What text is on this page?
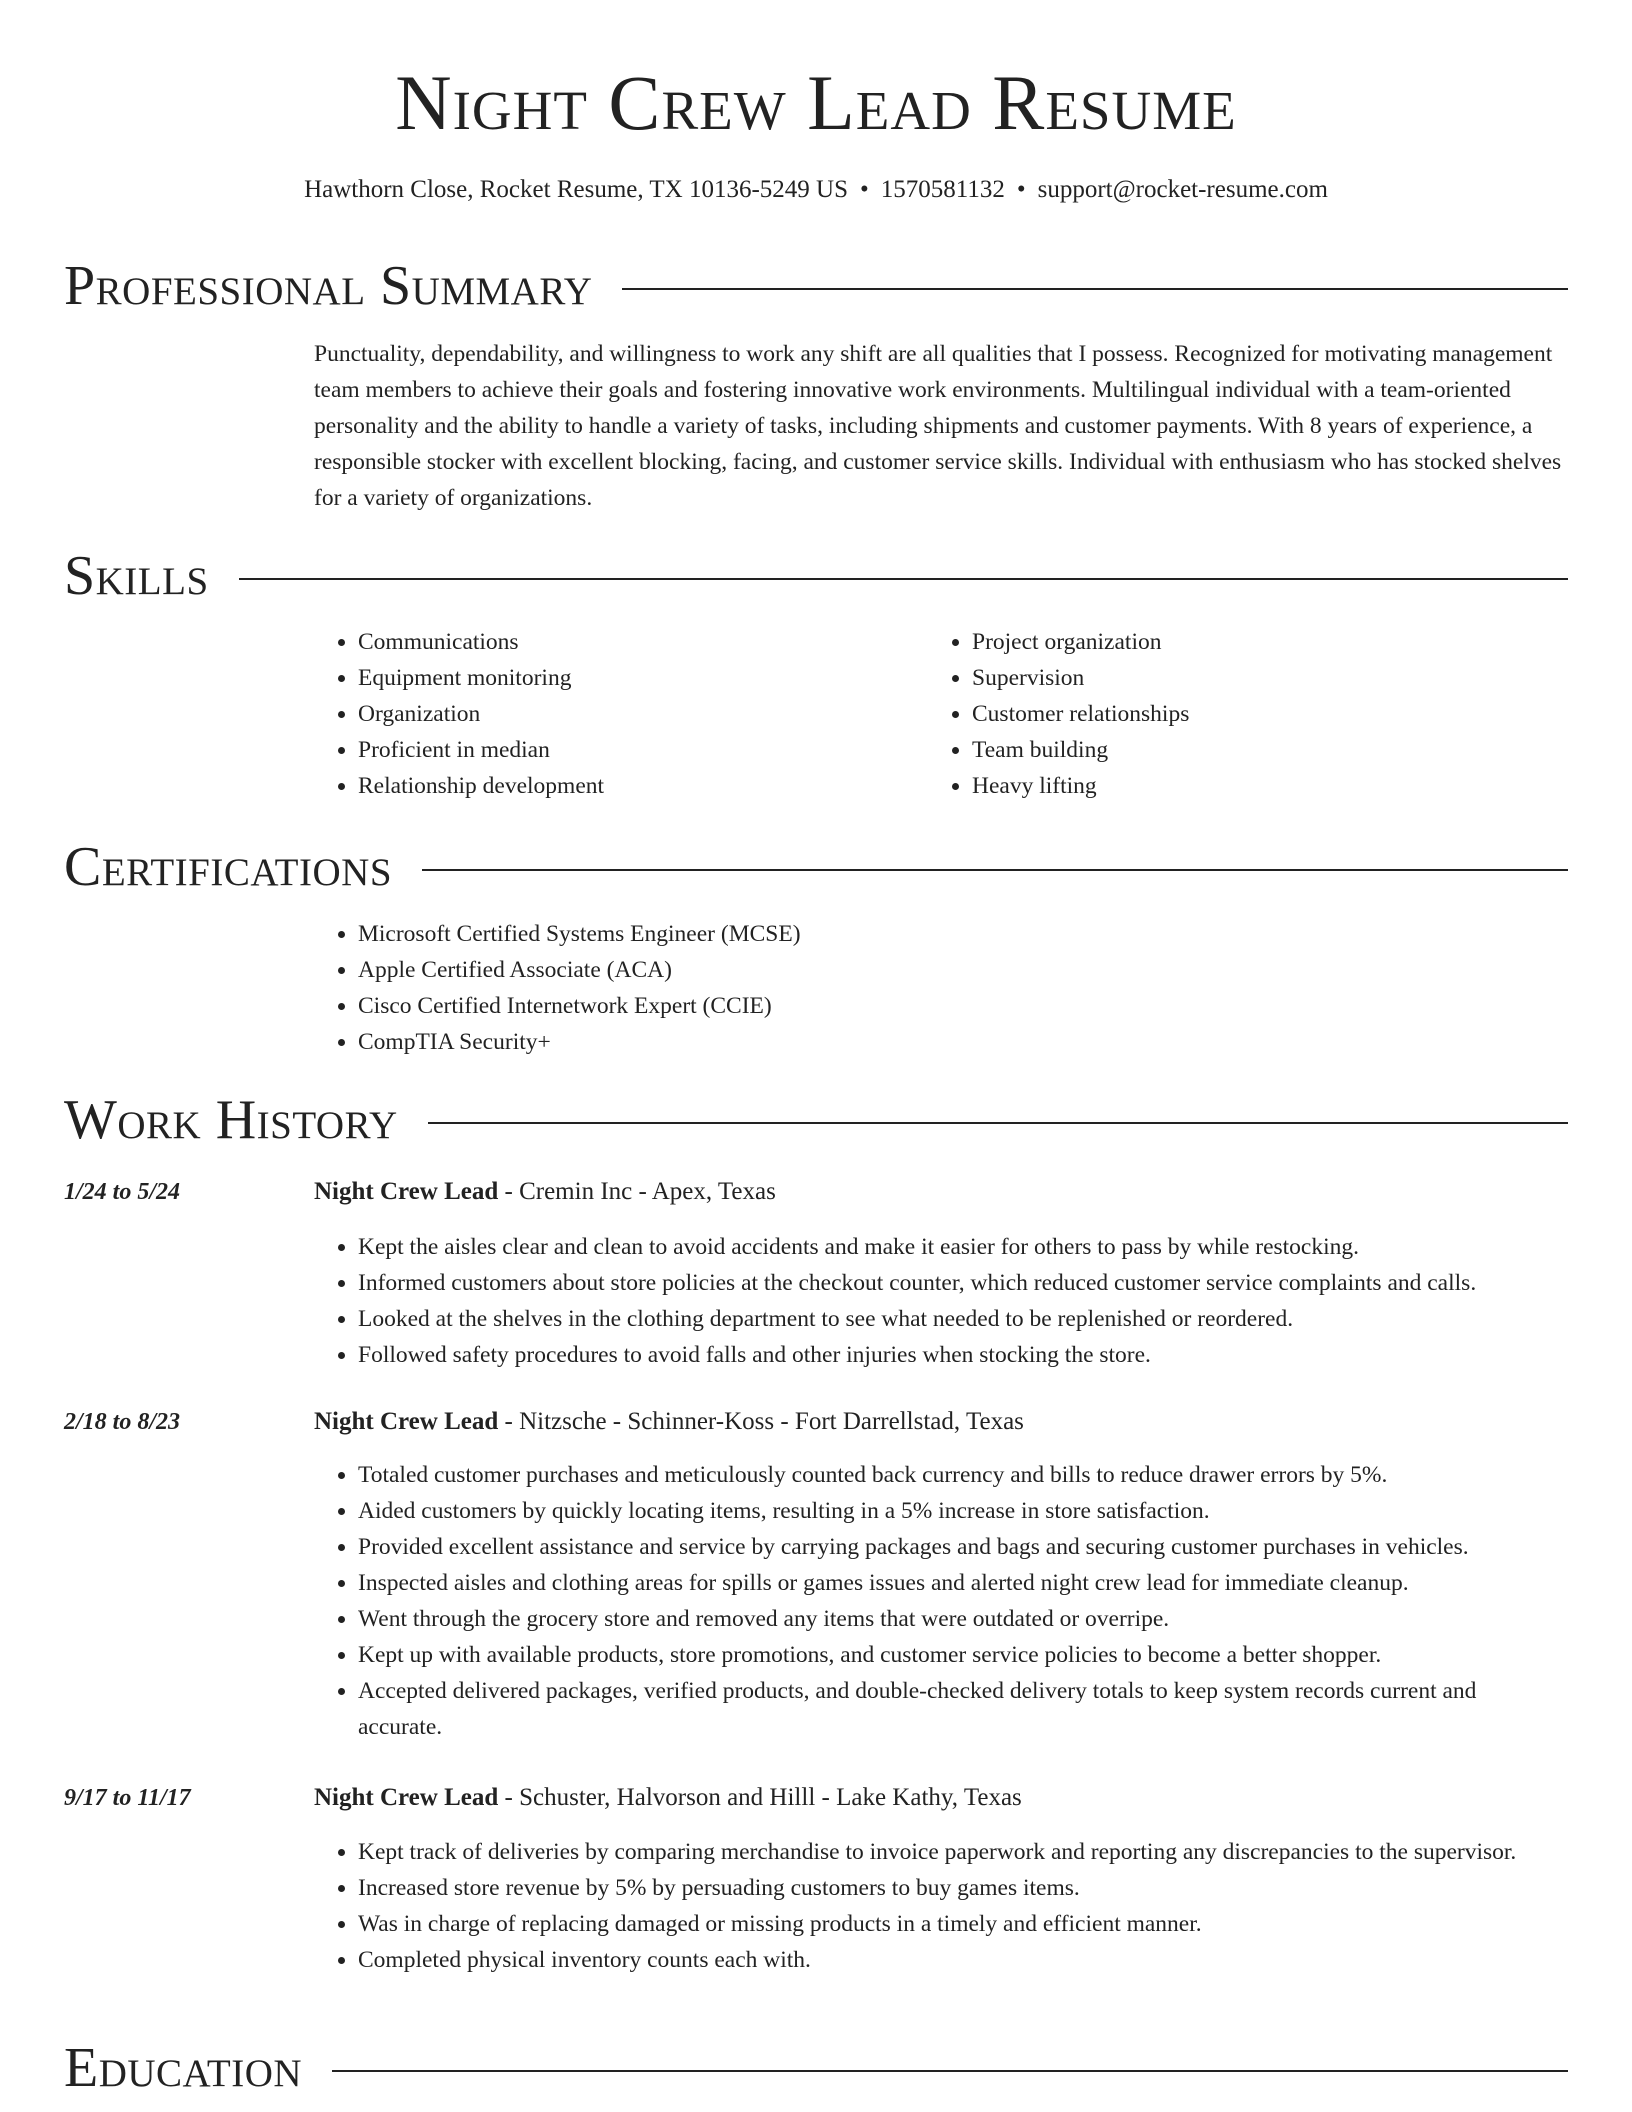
Night Crew Lead Resume
Hawthorn Close, Rocket Resume, TX 10136-5249 US • 1570581132 • support@rocket-resume.com
Professional Summary

Punctuality, dependability, and willingness to work any shift are all qualities that I possess. Recognized for motivating management team members to achieve their goals and fostering innovative work environments. Multilingual individual with a team-oriented personality and the ability to handle a variety of tasks, including shipments and customer payments. With 8 years of experience, a responsible stocker with excellent blocking, facing, and customer service skills. Individual with enthusiasm who has stocked shelves for a variety of organizations.

Skills
• Communications
• Equipment monitoring
• Organization
• Proficient in median
• Relationship development
• Project organization
• Supervision
• Customer relationships
• Team building
• Heavy lifting
Certifications
• Microsoft Certified Systems Engineer (MCSE)
• Apple Certified Associate (ACA)
• Cisco Certified Internetwork Expert (CCIE)
• CompTIA Security+
Work History
1/24 to 5/24	Night Crew Lead - Cremin Inc - Apex, Texas
• Kept the aisles clear and clean to avoid accidents and make it easier for others to pass by while restocking.
• Informed customers about store policies at the checkout counter, which reduced customer service complaints and calls.
• Looked at the shelves in the clothing department to see what needed to be replenished or reordered.
• Followed safety procedures to avoid falls and other injuries when stocking the store.
2/18 to 8/23	Night Crew Lead - Nitzsche - Schinner-Koss - Fort Darrellstad, Texas
• Totaled customer purchases and meticulously counted back currency and bills to reduce drawer errors by 5%.
• Aided customers by quickly locating items, resulting in a 5% increase in store satisfaction.
• Provided excellent assistance and service by carrying packages and bags and securing customer purchases in vehicles.
• Inspected aisles and clothing areas for spills or games issues and alerted night crew lead for immediate cleanup.
• Went through the grocery store and removed any items that were outdated or overripe.
• Kept up with available products, store promotions, and customer service policies to become a better shopper.
• Accepted delivered packages, verified products, and double-checked delivery totals to keep system records current and accurate.
9/17 to 11/17	Night Crew Lead - Schuster, Halvorson and Hilll - Lake Kathy, Texas
• Kept track of deliveries by comparing merchandise to invoice paperwork and reporting any discrepancies to the supervisor.
• Increased store revenue by 5% by persuading customers to buy games items.
• Was in charge of replacing damaged or missing products in a timely and efficient manner.
• Completed physical inventory counts each with.
Education
